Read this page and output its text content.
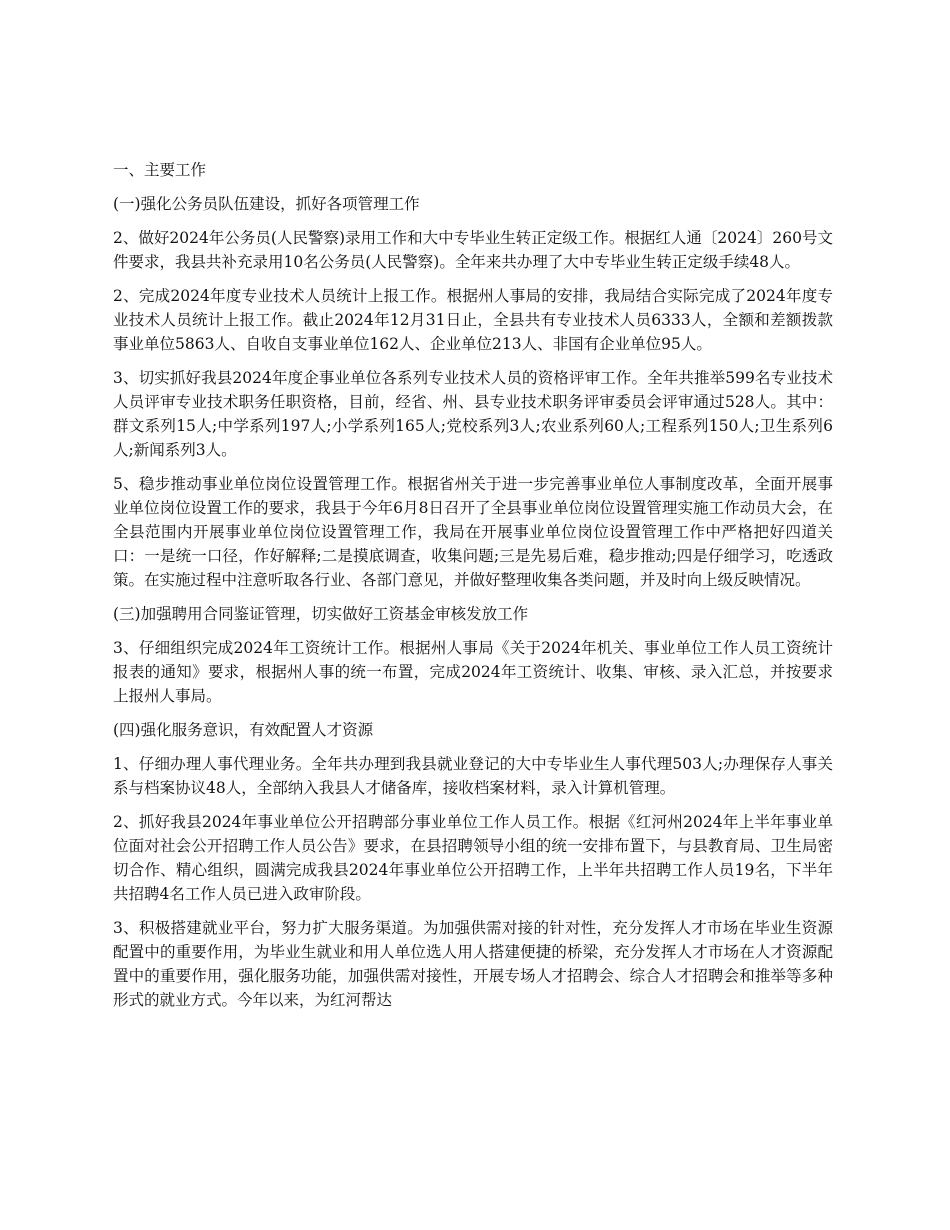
一、主要工作

(一)强化公务员队伍建设，抓好各项管理工作

2、做好2024年公务员(人民警察)录用工作和大中专毕业生转正定级工作。根据红人通〔2024〕260号文件要求，我县共补充录用10名公务员(人民警察)。全年来共办理了大中专毕业生转正定级手续48人。

2、完成2024年度专业技术人员统计上报工作。根据州人事局的安排，我局结合实际完成了2024年度专业技术人员统计上报工作。截止2024年12月31日止，全县共有专业技术人员6333人，全额和差额拨款事业单位5863人、自收自支事业单位162人、企业单位213人、非国有企业单位95人。

3、切实抓好我县2024年度企事业单位各系列专业技术人员的资格评审工作。全年共推举599名专业技术人员评审专业技术职务任职资格，目前，经省、州、县专业技术职务评审委员会评审通过528人。其中：群文系列15人;中学系列197人;小学系列165人;党校系列3人;农业系列60人;工程系列150人;卫生系列6人;新闻系列3人。

5、稳步推动事业单位岗位设置管理工作。根据省州关于进一步完善事业单位人事制度改革，全面开展事业单位岗位设置工作的要求，我县于今年6月8日召开了全县事业单位岗位设置管理实施工作动员大会，在全县范围内开展事业单位岗位设置管理工作，我局在开展事业单位岗位设置管理工作中严格把好四道关口：一是统一口径，作好解释;二是摸底调查，收集问题;三是先易后难，稳步推动;四是仔细学习，吃透政策。在实施过程中注意听取各行业、各部门意见，并做好整理收集各类问题，并及时向上级反映情况。

(三)加强聘用合同鉴证管理，切实做好工资基金审核发放工作

3、仔细组织完成2024年工资统计工作。根据州人事局《关于2024年机关、事业单位工作人员工资统计报表的通知》要求，根据州人事的统一布置，完成2024年工资统计、收集、审核、录入汇总，并按要求上报州人事局。

(四)强化服务意识，有效配置人才资源

1、仔细办理人事代理业务。全年共办理到我县就业登记的大中专毕业生人事代理503人;办理保存人事关系与档案协议48人，全部纳入我县人才储备库，接收档案材料，录入计算机管理。

2、抓好我县2024年事业单位公开招聘部分事业单位工作人员工作。根据《红河州2024年上半年事业单位面对社会公开招聘工作人员公告》要求，在县招聘领导小组的统一安排布置下，与县教育局、卫生局密切合作、精心组织，圆满完成我县2024年事业单位公开招聘工作，上半年共招聘工作人员19名，下半年共招聘4名工作人员已进入政审阶段。

3、积极搭建就业平台，努力扩大服务渠道。为加强供需对接的针对性，充分发挥人才市场在毕业生资源配置中的重要作用，为毕业生就业和用人单位选人用人搭建便捷的桥梁，充分发挥人才市场在人才资源配置中的重要作用，强化服务功能，加强供需对接性，开展专场人才招聘会、综合人才招聘会和推举等多种形式的就业方式。今年以来，为红河帮达
